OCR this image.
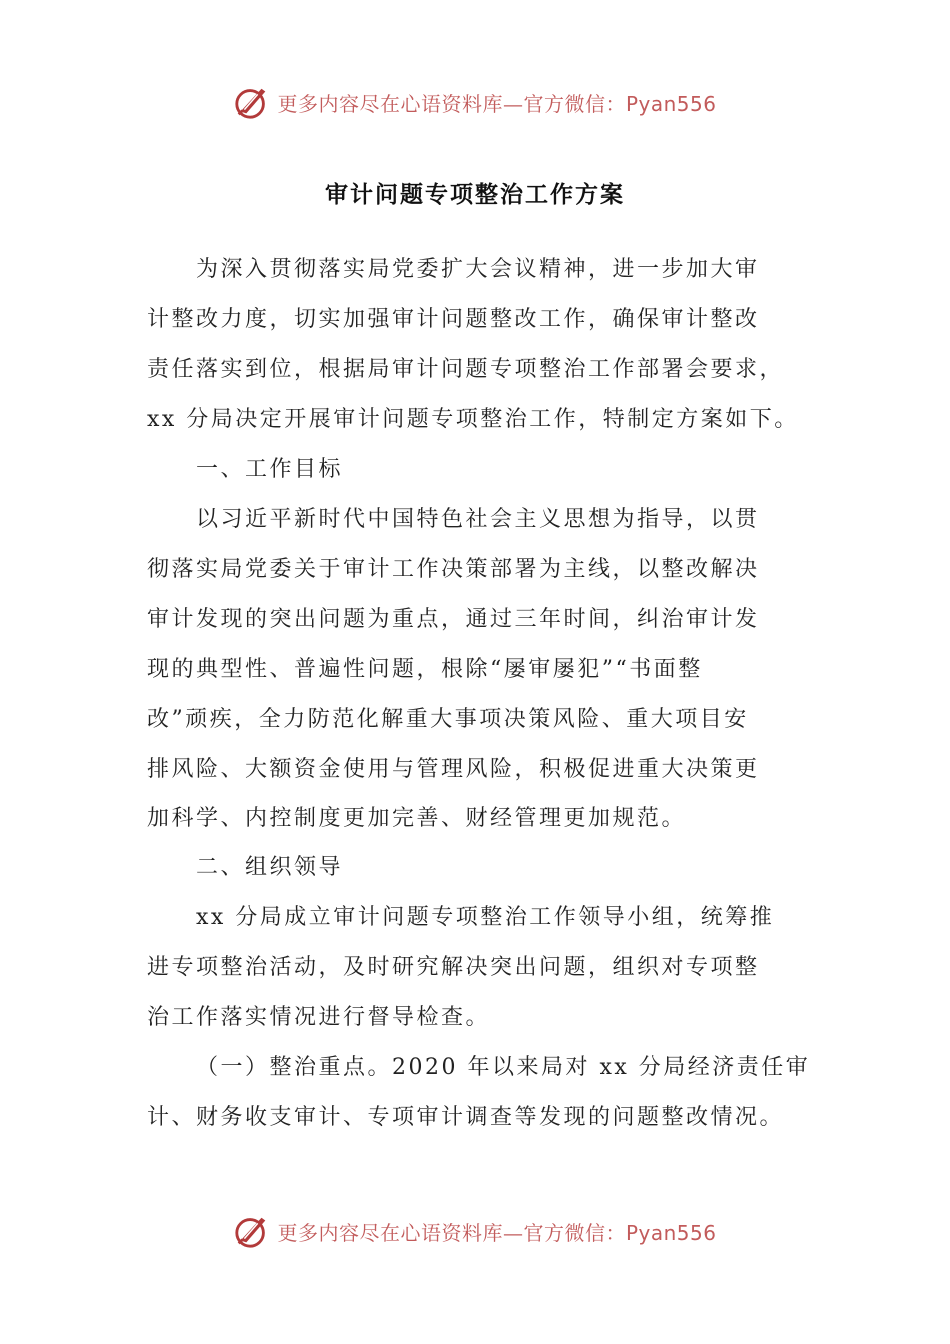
更多内容尽在心语资料库—官方微信：Pyan556
审计问题专项整治工作方案
为深入贯彻落实局党委扩大会议精神，进一步加大审
计整改力度，切实加强审计问题整改工作，确保审计整改
责任落实到位，根据局审计问题专项整治工作部署会要求，
xx 分局决定开展审计问题专项整治工作，特制定方案如下。
一、工作目标
以习近平新时代中国特色社会主义思想为指导，以贯
彻落实局党委关于审计工作决策部署为主线，以整改解决
审计发现的突出问题为重点，通过三年时间，纠治审计发
现的典型性、普遍性问题，根除“屡审屡犯”“书面整
改”顽疾，全力防范化解重大事项决策风险、重大项目安
排风险、大额资金使用与管理风险，积极促进重大决策更
加科学、内控制度更加完善、财经管理更加规范。
二、组织领导
xx 分局成立审计问题专项整治工作领导小组，统筹推
进专项整治活动，及时研究解决突出问题，组织对专项整
治工作落实情况进行督导检查。
（一）整治重点。2020 年以来局对 xx 分局经济责任审
计、财务收支审计、专项审计调查等发现的问题整改情况。
更多内容尽在心语资料库—官方微信：Pyan556
